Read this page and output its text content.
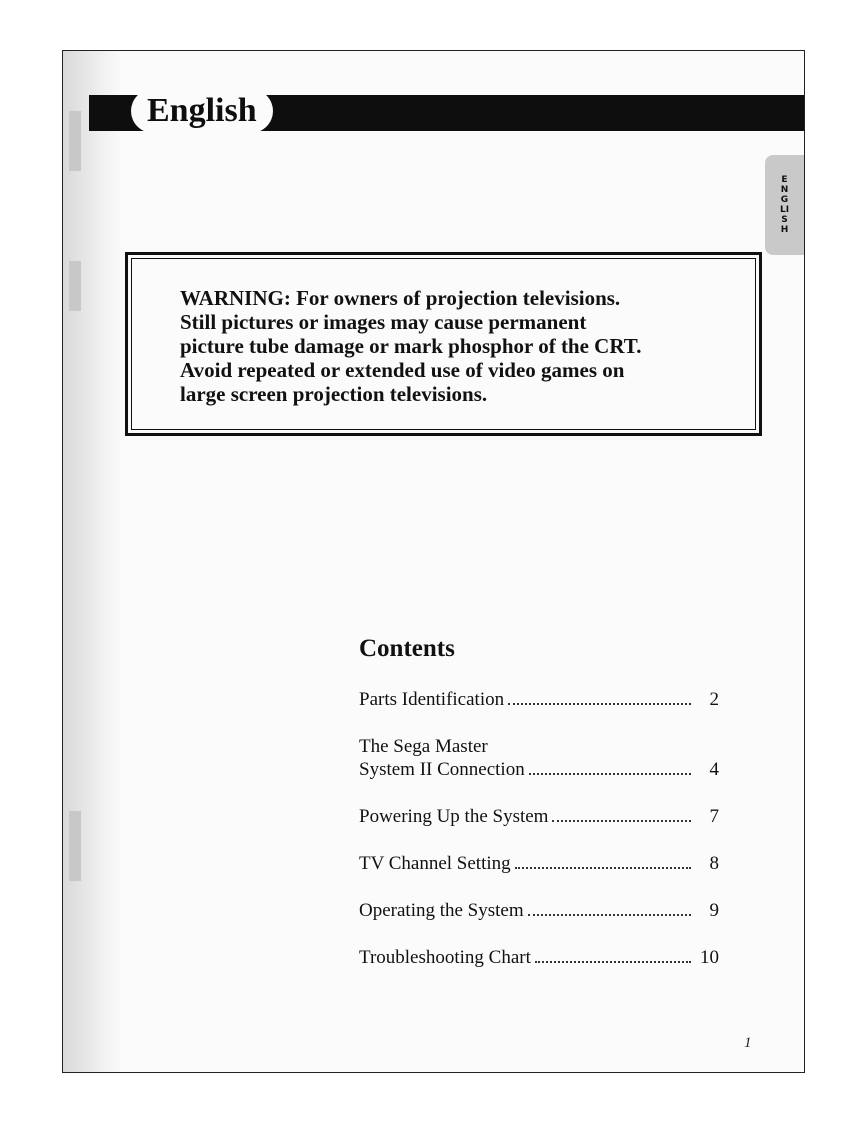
English
ENGLISH

WARNING: For owners of projection televisions.
Still pictures or images may cause permanent
picture tube damage or mark phosphor of the CRT.
Avoid repeated or extended use of video games on
large screen projection televisions.

Contents
Parts Identification	2
The Sega Master
System II Connection	4
Powering Up the System	7
TV Channel Setting	8
Operating the System	9
Troubleshooting Chart	10
1
